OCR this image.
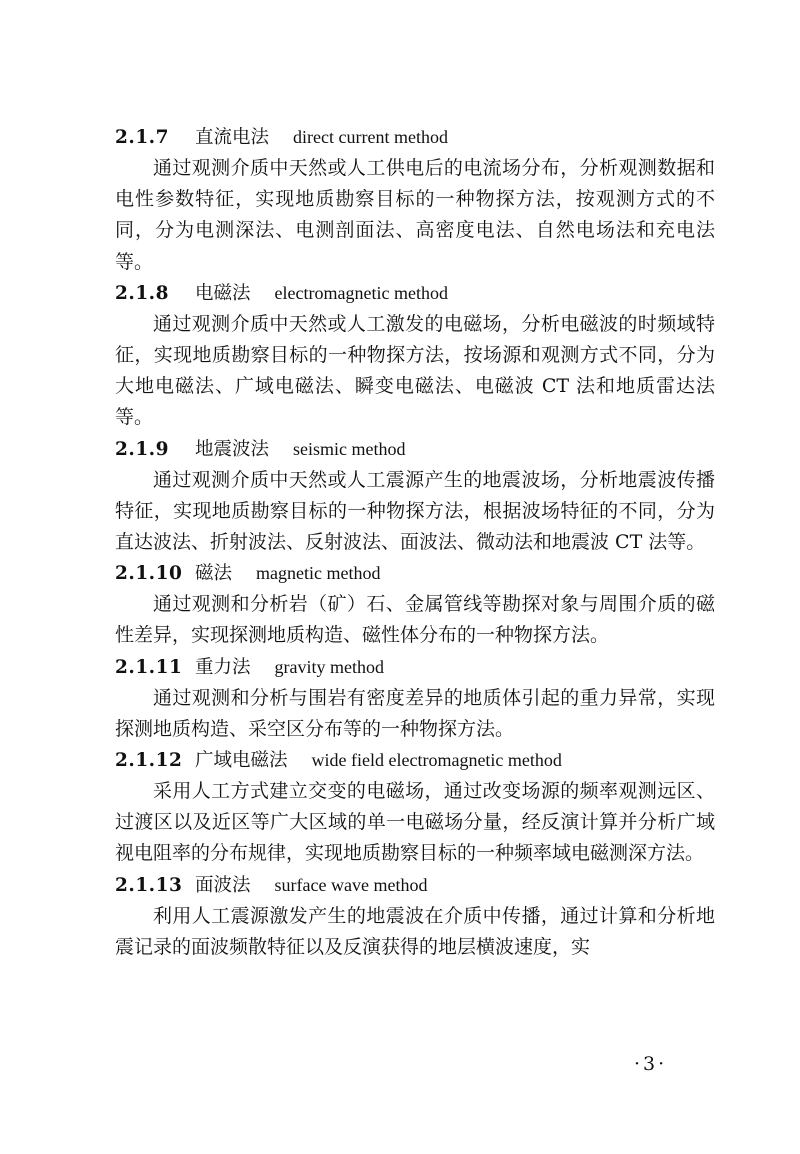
2.1.7 直流电法 direct current method

通过观测介质中天然或人工供电后的电流场分布，分析观测数据和电性参数特征，实现地质勘察目标的一种物探方法，按观测方式的不同，分为电测深法、电测剖面法、高密度电法、自然电场法和充电法等。

2.1.8 电磁法 electromagnetic method

通过观测介质中天然或人工激发的电磁场，分析电磁波的时频域特征，实现地质勘察目标的一种物探方法，按场源和观测方式不同，分为大地电磁法、广域电磁法、瞬变电磁法、电磁波 CT 法和地质雷达法等。

2.1.9 地震波法 seismic method

通过观测介质中天然或人工震源产生的地震波场，分析地震波传播特征，实现地质勘察目标的一种物探方法，根据波场特征的不同，分为直达波法、折射波法、反射波法、面波法、微动法和地震波 CT 法等。

2.1.10 磁法 magnetic method

通过观测和分析岩（矿）石、金属管线等勘探对象与周围介质的磁性差异，实现探测地质构造、磁性体分布的一种物探方法。

2.1.11 重力法 gravity method

通过观测和分析与围岩有密度差异的地质体引起的重力异常，实现探测地质构造、采空区分布等的一种物探方法。

2.1.12 广域电磁法 wide field electromagnetic method

采用人工方式建立交变的电磁场，通过改变场源的频率观测远区、过渡区以及近区等广大区域的单一电磁场分量，经反演计算并分析广域视电阻率的分布规律，实现地质勘察目标的一种频率域电磁测深方法。

2.1.13 面波法 surface wave method

利用人工震源激发产生的地震波在介质中传播，通过计算和分析地震记录的面波频散特征以及反演获得的地层横波速度，实

·3·
